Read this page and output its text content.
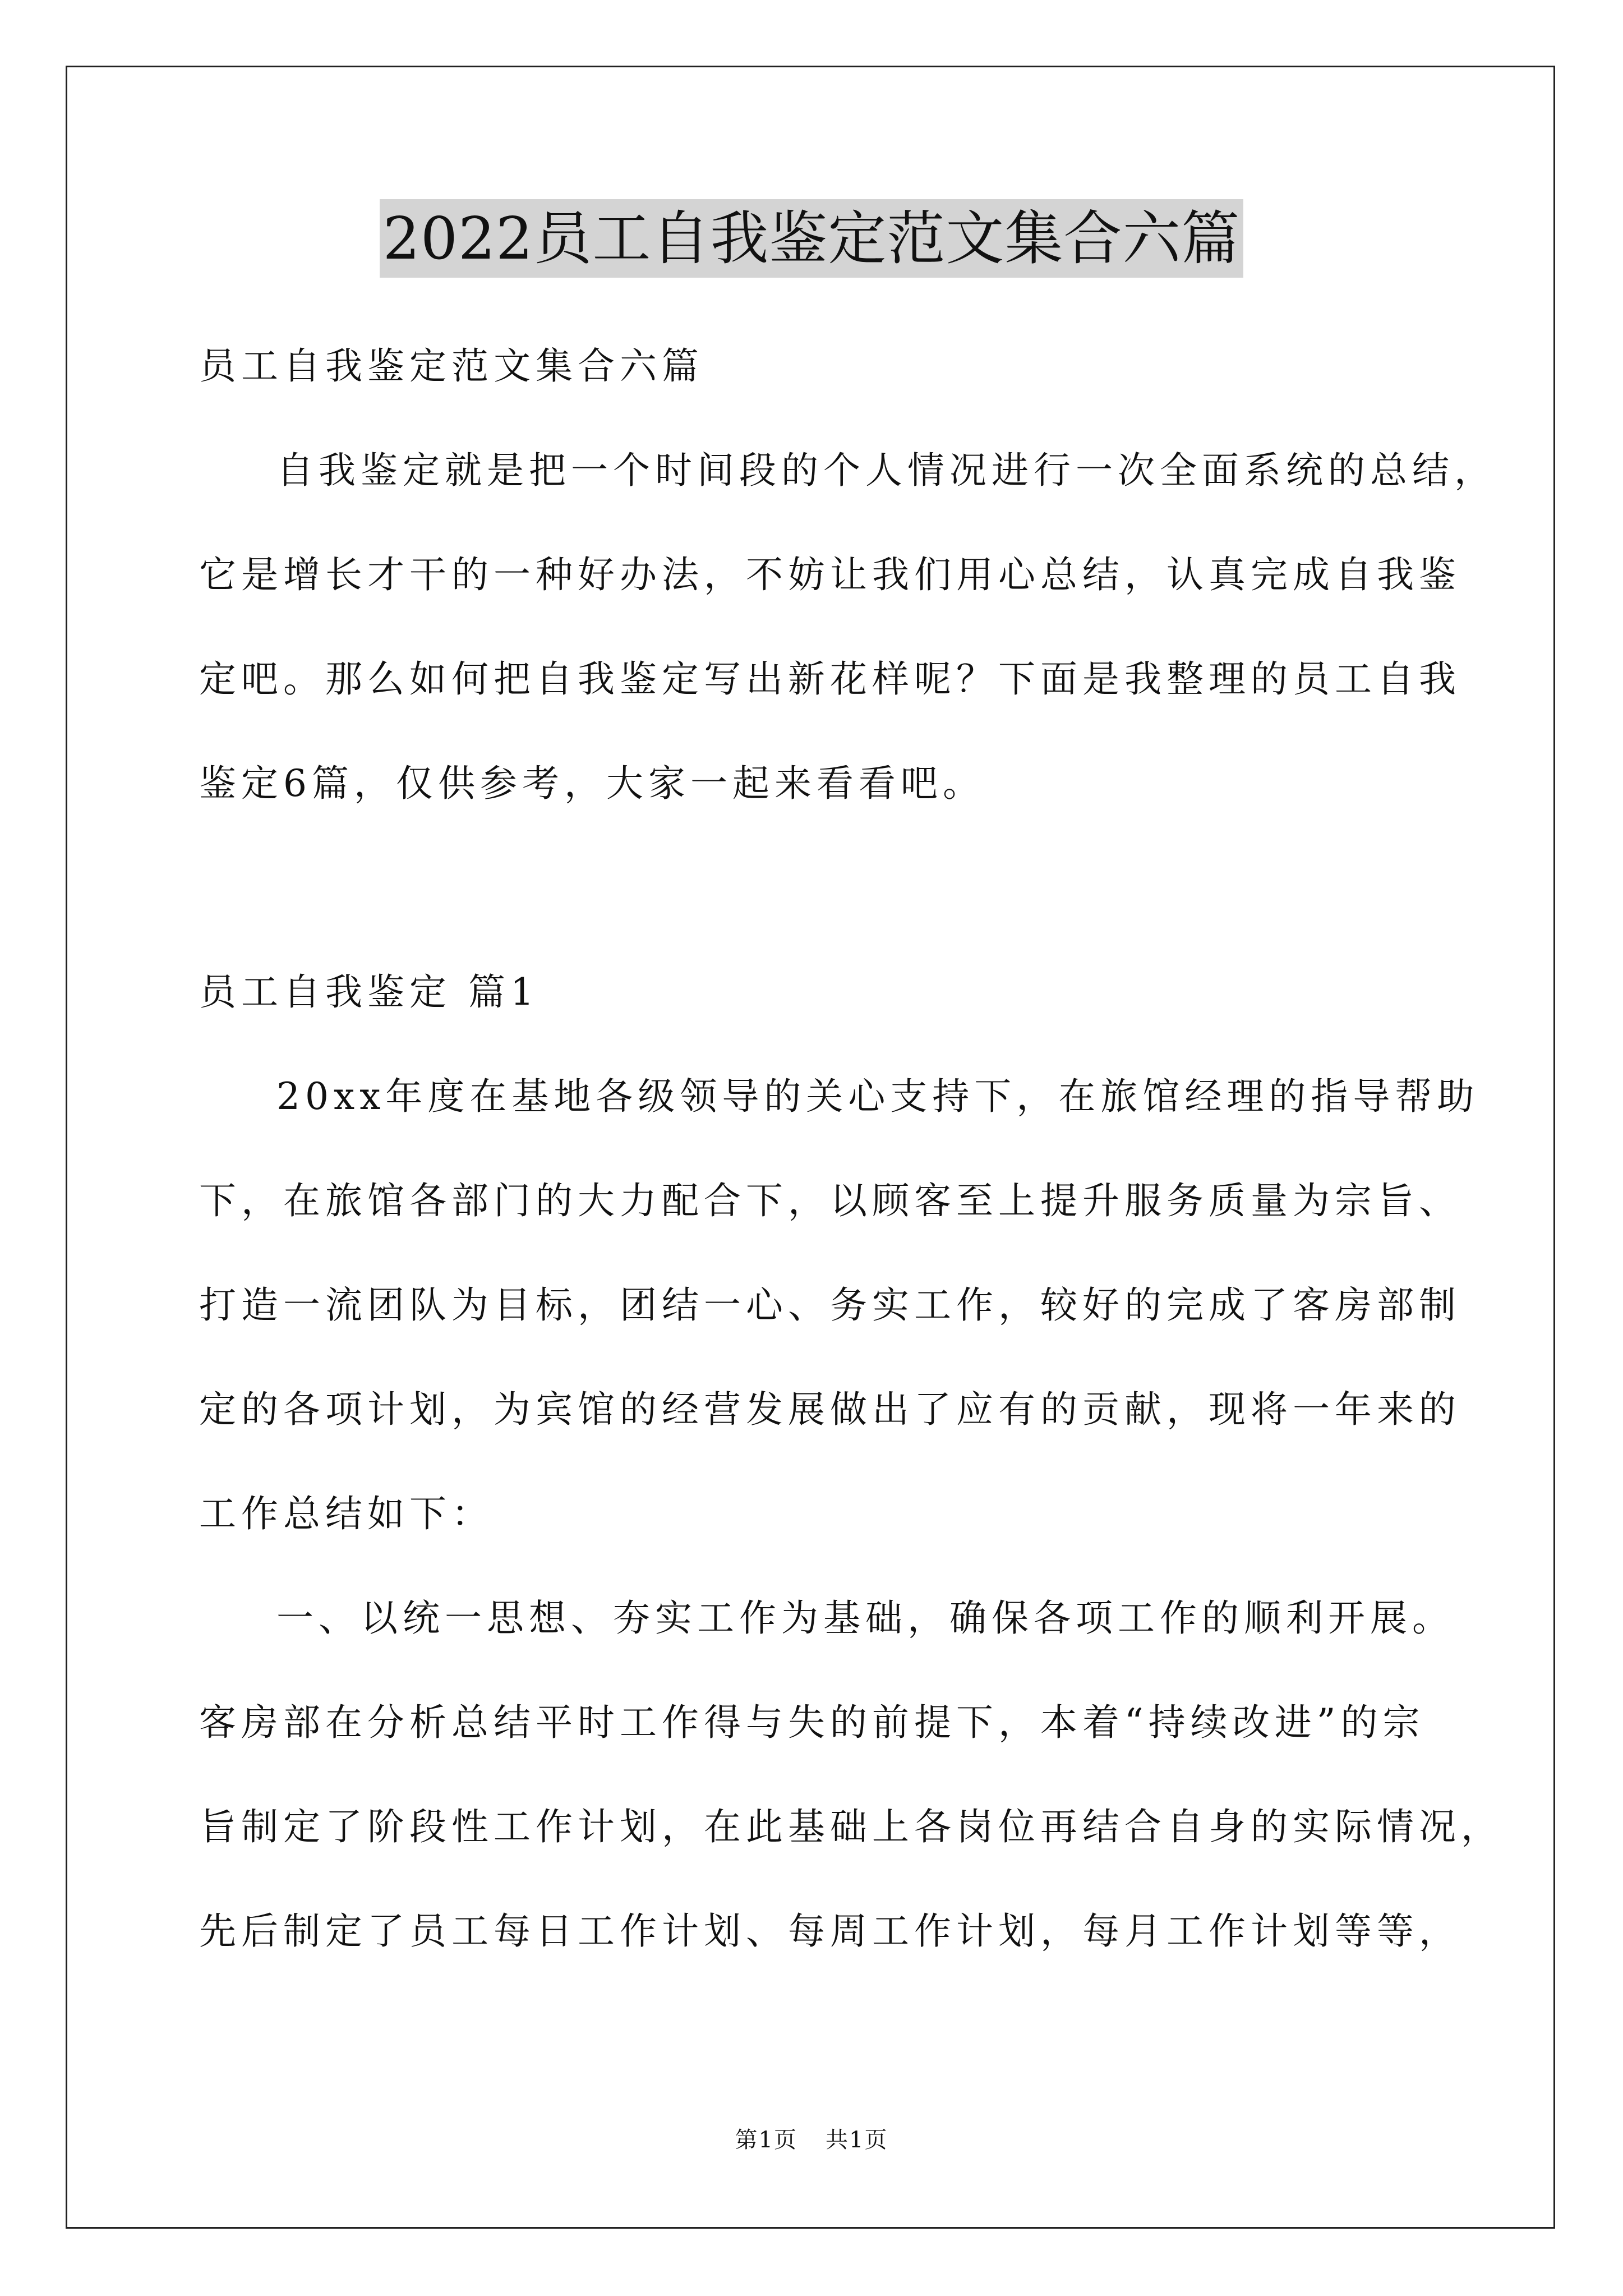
2022员工自我鉴定范文集合六篇
员工自我鉴定范文集合六篇
自我鉴定就是把一个时间段的个人情况进行一次全面系统的总结，
它是增长才干的一种好办法，不妨让我们用心总结，认真完成自我鉴
定吧。那么如何把自我鉴定写出新花样呢？下面是我整理的员工自我
鉴定6篇，仅供参考，大家一起来看看吧。
员工自我鉴定 篇1
20xx年度在基地各级领导的关心支持下，在旅馆经理的指导帮助
下，在旅馆各部门的大力配合下，以顾客至上提升服务质量为宗旨、
打造一流团队为目标，团结一心、务实工作，较好的完成了客房部制
定的各项计划，为宾馆的经营发展做出了应有的贡献，现将一年来的
工作总结如下：
一、以统一思想、夯实工作为基础，确保各项工作的顺利开展。
客房部在分析总结平时工作得与失的前提下，本着“持续改进”的宗
旨制定了阶段性工作计划，在此基础上各岗位再结合自身的实际情况，
先后制定了员工每日工作计划、每周工作计划，每月工作计划等等，
第1页 共1页
